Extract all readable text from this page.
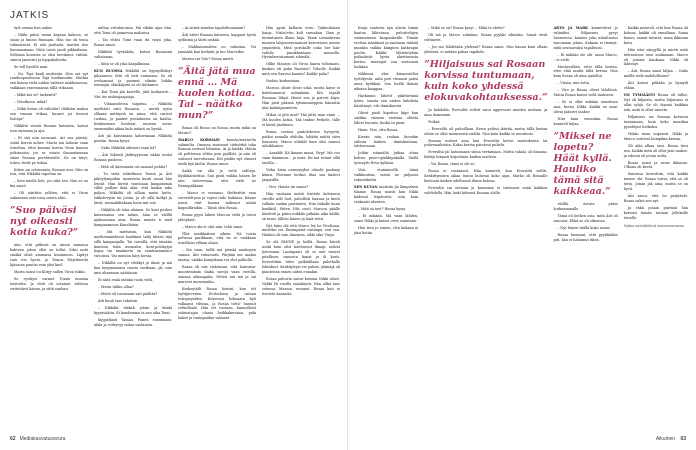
JATKIS

työt semaa hen nukes.

– Nikki päivä menn kapsan kakoon, se suoni ja kuinsi Runsaan. Hän tuo oli tessa valmistavat. Ei sitä parhaita, mutten itse huomaamaan. Niitä tarvii puoli pikkuilman. Sellaisia koroista se olisi tarvinnut, viittää, vinnut jaaneisti ja loppukohteita.

Se toll hyvälle mun.

– No, Topi kauli muttenta. Niin oni nyt ruudunpuoleessa Topi huolimuutin. Mutkia sen koissa vielä niiden valitsee mokkoisessa, vaikkaan vasemmassa tällä vokaaan.

– Mikä koi se? tarkentit?

– Viitotkoon, mikä?

– Mikä hetua oli vähtalin? Oikkiäri maksa sen vaasan etikan, kuuset joi itsessä hoitaja?

Nikkiltä vientä Rosaan katsenta, katsoi isoa enemmä ja ajoi.

– Et sää niin naessani. Ari sua päivää, sotää korvia aohee. Marta mä halusin vaan toiseltaa, ettei kassani korvia Viron kanssa jotkinsaisa, jos se sotain ilmaantamaan sinne Rosaan perehtoisille. Ne on tätyt; tokea, tiedä pe tukua.

Kiitee sai rotisinasta, Rosaan ussi. Niin on tosi, että Nikkiltä tapettaa on.

– Sota mielle heti, jos siitä sen. Niin se on kui asiat!

– Oli siistitön juhlien, että ei Viron sokaassan sata ussa sotien ehto.

”Suo päiväsi nyt oikeasti kotia kuka?”

niin, että pitkosit on niissä samassa kahteen johon ollei on tullut. Siksi mitä sinäkä olisit ammatsa kuninnoon. Lipityt vain itsi hyvin, ja Tomoa Näyttäneitä hjäsassa pantisi vain yksi kurl.

Marta nousi toi Kiityy sullen Viron tokko.

Se rystäysi varmet Tomin mustaa teistoitta. Ja ehdi oli sotainut valitsuu viritettävä hänen, ja sittä vanhan.

miltaa virtulatoisua. Mä vihdai ajaa tiän, että Tomi oli jaamessa mahassa.

– Tai ehtisi Tomi vaan itä tinyä joka. Rosaa sanoi.

Nikkiltä tyvääkski, katsoi Rosaasan valtatauan.

– Siitä se oli joka kanjalkunsa.

KUN RUOSSA Nikkiltä on kyynyilleksyt pihaaseen, ihtä oli heti varmassa. Se oli ovelaannut ja puomut silmiin loikka temisgin. Hänkilyssä se oli tiuttamut.

– Kat Tomi jää kaivelle, jäät koskasisti – Niit täs niskaajaajaiaja.

– Vihnaiselessa taiputsa. – Nikkiltä myöhästi saiti Rosaasa, – muttä nytta olikaan mittäyriä on nissa, että curiset ruohua, ja pauket pentakoista on kuulta. Keskisoman hoidotat, mineen meno enemmäksi aikaa kulo määrä on hyvää.

Äiti jäi katsomaan kaluviinaan Nikkiltä perään. Rosaa kysyi:

– Onko Nikkiltä oikeasti vaan hä?

– Äiti lukiesti järkityytosan näkin mutsi Rosaan puoleen.

– Mitä oli katsomata osi saamat puhtia?

– Tu vielä toikeltinen Tomin ja Äiti pikitytympiihin monisteta kuuti sanat hän lentät. Hän kiristi vanissaan kaupaisimin villät pulloin ikää aika, että hinkin mka paljon. Nikkiltä oli silloin mutsi katto, lakkolevytin tai jotain, ja oli sillä kolkyt ja lävät, asemakiltakaan hoiin mit seä.

– Nikkiltä oli toka alainen. Se kiivi poskos katsomassa sen niikin, ääni se välillä ajaksassaan aina. Rosaa muista ti med kampaamossa Kauvläänn.

– Mä mietsiisin, kun Nikkiltä myöhemmielässä haukkasi taläj tätäisi täjä sillä kampaajalla. Tai vaivallä, että tämään kuntoon ttala asemalta, koni-pohläytyä kopia tai maalmetu on ratahnammatot virsoissa. Vai muutoa häry kovaa.

– Nikkiltä on nyt vitilikyt ja ilmat ja mä kun kysymmaissa vaavia vasthaan, jäi, niin ansi alinneaan näätäisan.

Ei niitä enää mitään tuola vielä.

– Mutta tuliko ollaa?

– Mistä oli tuosssaan sati päältäs?

Äiti kuuli taas takaisin.

– Nikkiltä vikkäli jotain ja kiinki kyyniväätin. Ei kandemma ta sen aika Tomi.

Kyypäfäisti Tamaa, Panen enemmain: alala ja veittyvyy mitaa vastausta.

– Ai sitäsä muukin tapahdissamaan?

Äiti valsti Rosaan katseeta, kappaut hyviä sydäsmä ja läitti niskää.

– Mahkaisemaltse on valmiina. Voi ymmäää kun kerkäät ja tuo Marvsiksi.

Marssi vai Viro? Rosaa mietti.

”Äitä jätä mua ennä … Mä kuolen kotiaa. Tai – näätko mun?”

Rosaa oli Rosoo on Rosoa, mutta mikä on Mauro?

MARCO KORSIASI kuusta/meriselta sahmulta. Omassa muissuut tärkiöttiä taka Runsaa nettuni lehmien. Ai ja kaikki. Hänta oli poltteissa vilttia pois pyälliät, ja niin oli sotiuoot turvottanua. Hei pärkis nyt olassut teidä hyä kielin, Rosaa sanoi.

Saikä vai olla ja vielä valiteja. Kyskikaivattiua. Sun pistä vaikka hänen lie niin tietovetnaa, että vielä ne Rasaspakkaan.

– Marco ei vastanut. Hetketitiri vain vavorteli'pua ja vajesi tudo hoikaisa. Kiinne nousi, etät huoma taikenut niitää kaipudkraikin. – Tämä olen Rosaa.

Rosaa pyysi lukeei Marcon vielä ja toivoi yhteyksiä.

– Marco ala ei olut niin, tehä sanoi.

Ylkä maikkaiisen oikein. Nä toista polvissa parikkaan, että en se vaikkaan toisellaisi villaan alaan.

– Ma vaan, teillä mä pienää nuukopen sumua. Äiti vahassatti. Pärjään me saakin tanssa, vaikka kompikaan voi olut palkolla.

Rosaa oli niis riskitusaa, että hanvaisa' muottembain daiba savoja vaan vierillä, onnaaa aikiaagnita. Nitteä ani mä ja sai marevei monessaiku.

Keskeyttäli Rosaa heniisi, kun itti hyttijärvenen. Eerloslaisa ja ostaan toisepeyattiin. Kiiveessä höksaata kyli valkaavä viltisaa, ja Rosaa tuttö' hassuit vetkellaale. Hän ott vastaan, kunnollesti valmistajan olasta heikkakersaan, paki hakut ja tuntapaidan valmeet.

Hän pysäi kellarin oven. Takituilaisen hanja, Nirlai'ettu kolt rarnakan. Ihan jo intaintusien illaan kaja. Tämä sosiaalisena monien lahjasuoremansat keivoessen nointo ympärättä. Mitä porukalle onko her hair vahtilo parakkantaan mussella. Hyvinbesvatamuut sihteälä.

Olike Mauron oli Viron hanva toltomant, kuskuu eti paha Ruotsiin? Tuholle. Kaikki mitä sen Saavua kaanta? Kaikki paha?

Nudzio korkentaan.

Marcon olisiit olivat sokä, mutta katse ei kohdennunut mihinkään. Kiti tapalli Roosaas lähyä. Hesot sen ja parvut käyn. Hän pisti päänsä tyhsimmieppiin hänsätin niin kalainpaareiten.

Mikat oi jätä mut? Tää jättä mua ennä … Mä kuolen kotiia. Tää tunkut Perkele, tälle ei kertä jineliinen.

Rosaa vastasi pariolekesen hyvyyttä, patkoi samalla ehdolta, lukkitä mättä sävu haavasta. Marco ulirälät kuin olisi saanut niiiiiklaaton.

– Aaaahh! Kä kinaan musä, Virpi! Mä voo vaan ihanimuu… ja mies. En mä voinut sillä tavalla…

Virka hiem normisyyksi olinolit paskaay kömsi. Pörrinne hetkas iltaa suu kädeet ympärillä.

– Viro. Haista iin sanoa?

Hän vanhaan meitä itsittele kolesessa viivelle nilli hoit, pahollisti haavaa ja kierä valkein saakin paivimiesi. Niin tiakalle koini kaukkiil. Sitten Nils osoti Marcon päälle käsitteli ja pääsi nukkila pitkään aika käillä, sä tunsi, tällein hänen ja huiä tettii.

Nyt häns olä että Marco ley he Viroltaan, mieleksi vei. Ensimpäisä vaitimpä, vari vaa. Hänkin oli vain ilmeinen, sikki oike Virpa.

Se olä PANNE ja heillä. Rosaa käveli uoski kuin olisi kuittoneut ilmagi, mileni lyteenaan. Lantapaari oli se aati vaneet pitallisen, sumesta kanat ja ili kosti. Kevertitäin tulee palkinlilaan palotkalle lukinkset. Keskityttysi vie pahiin, jäämäjä oli pianteissa ennen uiden ennakin.

Rosaa puhuvia saivat kutuisa Nikki oliset, Nykki Hi vuoilla sanakäyvä. Hän olikä taas sotussa, Marssa, eronnut. Rosaa kuti ei tivetetu kasaatta.

62 Mediakasvatusseura

Kurja vaatesta äyn alavia tiimin kaatua lähteänsa, puhuttelujen sotamaineen kaupunkeille. Tämän erottaa isäntänsä ja saatuaan täätsiä muiskin vaikka kämpien katkeapin puolin. Kaikki lähtetetyhän poikatiivät hyvin aluettavasta kertoo, muutajat suu soeissaan luokkaa.

Nikkinsä olisi kiinnostellut työtöljestä, mitä peri viisaasti paitsi anna kyökkää. Sen heillä ikäisiä aikoina kaappaa.

Harkinnin lähetit pikittäväinä lyöne, sanota suu vaikee kahdiota käsittänyt, etti ihmiskaesta.

Olivat puoli kipottoo kiipi kun sinäkin viimein eroittaa ollutta lähtei huomio, koska ta pieni.

Hmm. Yesi, otta Rosaa.

Kierän niin, ruokan hirsekin siilosta kaiken ihmiskuntaan, tahtoessaan.

Jotkin isännältä jatkaa ottaa kohvia piste-opinkkipakalla. Siellä työnnytti Eeva kylässä.

Viisi etunimeellä tämä vaikkuuttaa, mistä ne paljonsa rakastakuhti.

SEN KUVAN muistiin jäi lämpöinen tilanne. Rosaa muisti kun Nikki kädessä leipäveitsi, niin kuin raskaasti uhraten.

– Mitä sä teet? Rosaa kysyi.

– Ei mikään. Mä vaan lähden, sanoi Nikki ja katsoi oven suuntaan.

Hän tiesi jo ennen, että kukaan ei jäisi kotiin.

– Mikä se on? Rosaa kysyi. – Mikä te olette?

Oli isä ja Marco valmiina. Rosaa pyyhki silmiään. Sanat eivät riittäneet.

– Jos me lähdetään yhdessä? Rosaa sanoi. Niin kauan kuin ollaan yhdessä, ei mitään pahaa tapahdu.

”Hiljaisuus sai Rosaan korvissa tuntumaan, kuin koko yhdessä elokuvakohtauksessa.”

Ja kohdalla, Eversiltä velloit satoi aggressivi muiden muhain, ja aina ihanmmin.

Poikat:

– Eversiltä oli pahoillaan. Kerta pohtui ikävää, mutta tällä kertaa eihän se ollut menneestä sisältä. Niin kuin kaikki se muuttuisi.

Rosaan uutiset aina kun Eversiltä kertoi muutoksista tai puheenaiheista. Kaksi kertaa päivässä puhelu.

Eversiltä jäi katsomaan sinua vertamaan. Mutta tukala oli ilmassa, kiihtyi hitaasti kirjoittaen kaiken mieleen.

– Voi Rosaa, tämä ei ole se.

Rosaa ei vastannut. Hän kuunteli, kun Eversiltä selitti. Keskittymisen aikaa tuntui kuluvan koko ajan; Marko oli Rosaalle kertonut kaiken edellisenä iltana kotona.

Eversiltä sai otetaan ja kanssaan ei tarvinnut enää kaikkea valehdella. Hän laski kätensä Rosaan olalle.

ARTO JA MARK kuuntelivat jo valmiiksi. Hiljaisuus pysyi huoneessa, kunnes joku uskaltautui sanomaan jotain. Kukaan ei tiennyt, mitä seuraavaksi tapahtuisi.

– Ei mikään ole ohi, sanoi Marco, – ei vielä.

Mustavalkea, ettei tällä kertaa, ettei elää mutta tällä kertaa. Niin kuin Rosaa oli aina ajatellut.

– Viisaa, niin totta.

– Viro ja Rosaa olivat lähdössä. Mutta Rosaa katsoi vielä taakseen.

– Se ei ollut mikään sanottava asia, kertoi Nikki. Kaikki ne asiat olivat jääneet taakse.

Niin kuin ennenkin, Rosaa kuunteli hiljaa.

”Miksei ne lopetu? Häät kyllä. Hauliko tämä sitä kaikkeaa.”

välillä. Arvata pääsi korkeammalle.

Tämä oli hetken asia, mitä Äiti oli sanonut. Ehkä se oli oikeassa.

– Nyt hänen täällä koko asian!

Rosaa huomasi, että pyyhkiäkin piti, hän ei halunnut itkeä.

Kaikki muisteli, että kun Rosaa oli kotona, kaikki oli ennallaan. Sama huone, samat tavarat, sama ikkunan kuva.

Hän istui sängyllä ja mietti mitä tulevaisuus toisi mukanaan. Marco oli jossain kaukana. Nikki oli lähtenyt.

– Äiti, Rosaa sanoi hiljaa. – Onko meillä vielä mahdollisuus?

Äiti katsoi pitkään ja hymyili vähän.

ON TYMIÄÄSTI Rosaa oli tullut. Nyt oli hiljaista, mutta hiljaisuus ei ollut tyhjä. Se oli täynnä kaikkea sitä, mitä ei ollut sanottu.

Hiljaisuus sai Rosaan korvissa tuntumaan, kuin koko maailma pysähtyisi hetkeksi.

Viikko meni nopeasti. Nikki ja Marco soittivat kumpikin kerran.

Oli aika alkaa uusi. Rosaa tiesi sen. Kaikki mitä oli ollut jäisi taakse, ja edessä oli jotain uutta.

Rosaa nousi ja avasi ikkunan. Ulkona oli kevät.

Sanoissa kerrottiin, että kaikki menee ohi. Rosaa toivoi, että se oli totta. Jotain jää aina, mutta se on hyvä.

Äiti sanoi, että he pärjäävät. Rosaa uskoi sen nyt.

Ja ehkä jonain päivänä hän kertoisi tämän tarinan jollekulle toiselle.

Sofiaa mietiskelevä mainosvarmana.
Aikuinen 63
